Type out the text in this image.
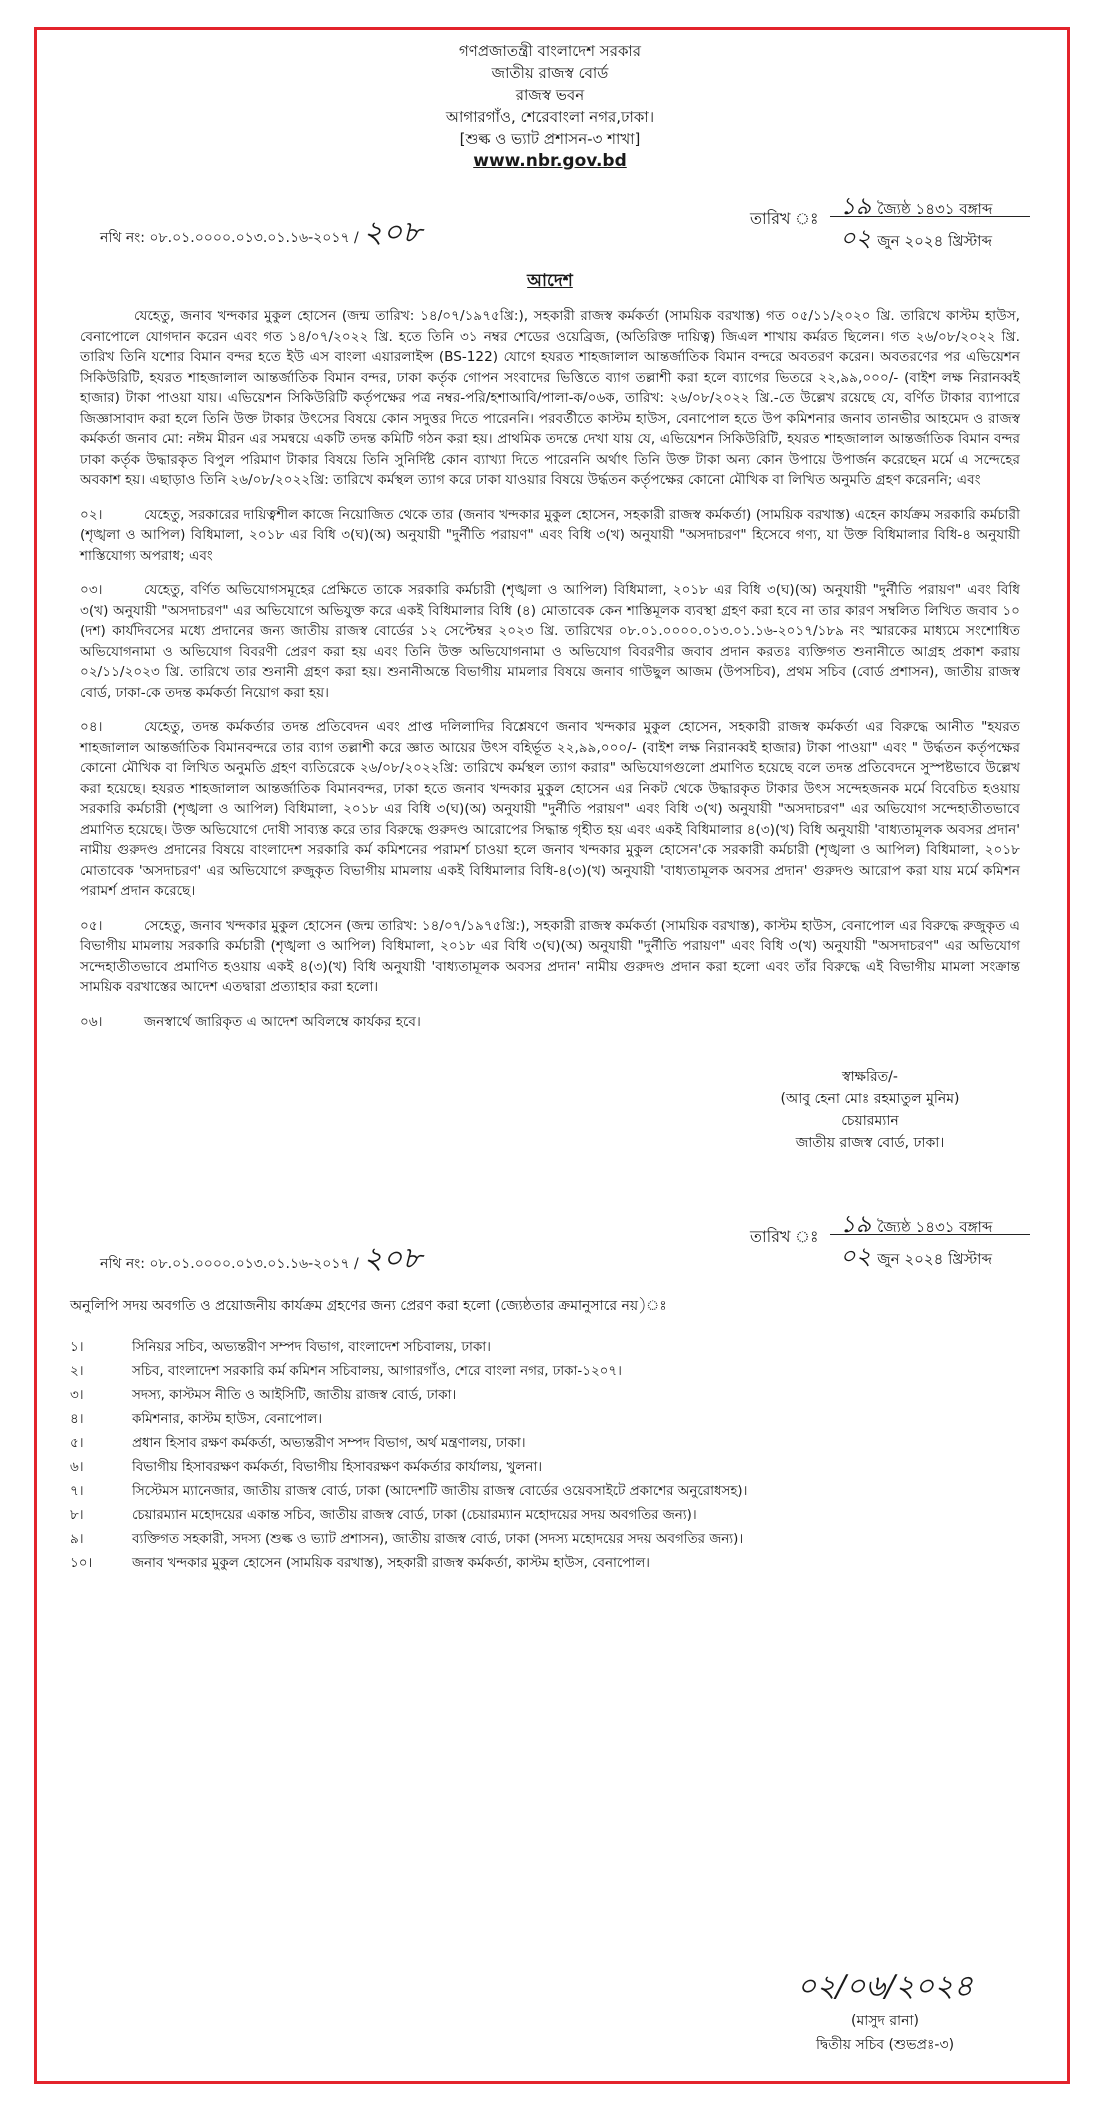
গণপ্রজাতন্ত্রী বাংলাদেশ সরকার
জাতীয় রাজস্ব বোর্ড
রাজস্ব ভবন
আগারগাঁও, শেরেবাংলা নগর,ঢাকা।
[শুল্ক ও ভ্যাট প্রশাসন-৩ শাখা]
www.nbr.gov.bd
নথি নং: ০৮.০১.০০০০.০১৩.০১.১৬-২০১৭ / ২০৮	তারিখ ঃ ১৯ জ্যৈষ্ঠ ১৪৩১ বঙ্গাব্দ
০২ জুন ২০২৪ খ্রিস্টাব্দ
আদেশ

যেহেতু, জনাব খন্দকার মুকুল হোসেন (জন্ম তারিখ: ১৪/০৭/১৯৭৫খ্রি:), সহকারী রাজস্ব কর্মকর্তা (সাময়িক বরখাস্ত) গত ০৫/১১/২০২০ খ্রি. তারিখে কাস্টম হাউস, বেনাপোলে যোগদান করেন এবং গত ১৪/০৭/২০২২ খ্রি. হতে তিনি ৩১ নম্বর শেডের ওয়েব্রিজ, (অতিরিক্ত দায়িত্ব) জিএল শাখায় কর্মরত ছিলেন। গত ২৬/০৮/২০২২ খ্রি. তারিখ তিনি যশোর বিমান বন্দর হতে ইউ এস বাংলা এয়ারলাইন্স (BS-122) যোগে হযরত শাহজালাল আন্তর্জাতিক বিমান বন্দরে অবতরণ করেন। অবতরণের পর এভিয়েশন সিকিউরিটি, হযরত শাহজালাল আন্তর্জাতিক বিমান বন্দর, ঢাকা কর্তৃক গোপন সংবাদের ভিত্তিতে ব্যাগ তল্লাশী করা হলে ব্যাগের ভিতরে ২২,৯৯,০০০/- (বাইশ লক্ষ নিরানব্বই হাজার) টাকা পাওয়া যায়। এভিয়েশন সিকিউরিটি কর্তৃপক্ষের পত্র নম্বর-পরি/হশাআবি/পালা-ক/০৬ক, তারিখ: ২৬/০৮/২০২২ খ্রি.-তে উল্লেখ রয়েছে যে, বর্ণিত টাকার ব্যাপারে জিজ্ঞাসাবাদ করা হলে তিনি উক্ত টাকার উৎসের বিষয়ে কোন সদুত্তর দিতে পারেননি। পরবর্তীতে কাস্টম হাউস, বেনাপোল হতে উপ কমিশনার জনাব তানভীর আহমেদ ও রাজস্ব কর্মকর্তা জনাব মো: নঈম মীরন এর সমন্বয়ে একটি তদন্ত কমিটি গঠন করা হয়। প্রাথমিক তদন্তে দেখা যায় যে, এভিয়েশন সিকিউরিটি, হযরত শাহজালাল আন্তর্জাতিক বিমান বন্দর ঢাকা কর্তৃক উদ্ধারকৃত বিপুল পরিমাণ টাকার বিষয়ে তিনি সুনির্দিষ্ট কোন ব্যাখ্যা দিতে পারেননি অর্থাৎ তিনি উক্ত টাকা অন্য কোন উপায়ে উপার্জন করেছেন মর্মে এ সন্দেহের অবকাশ হয়। এছাড়াও তিনি ২৬/০৮/২০২২খ্রি: তারিখে কর্মস্থল ত্যাগ করে ঢাকা যাওয়ার বিষয়ে উর্দ্ধতন কর্তৃপক্ষের কোনো মৌখিক বা লিখিত অনুমতি গ্রহণ করেননি; এবং

০২।	যেহেতু, সরকারের দায়িত্বশীল কাজে নিয়োজিত থেকে তার (জনাব খন্দকার মুকুল হোসেন, সহকারী রাজস্ব কর্মকর্তা) (সাময়িক বরখাস্ত) এহেন কার্যক্রম সরকারি কর্মচারী (শৃঙ্খলা ও আপিল) বিধিমালা, ২০১৮ এর বিধি ৩(ঘ)(অ) অনুযায়ী "দুর্নীতি পরায়ণ" এবং বিধি ৩(খ) অনুযায়ী "অসদাচরণ" হিসেবে গণ্য, যা উক্ত বিধিমালার বিধি-৪ অনুযায়ী শাস্তিযোগ্য অপরাধ; এবং

০৩।	যেহেতু, বর্ণিত অভিযোগসমূহের প্রেক্ষিতে তাকে সরকারি কর্মচারী (শৃঙ্খলা ও আপিল) বিধিমালা, ২০১৮ এর বিধি ৩(ঘ)(অ) অনুযায়ী "দুর্নীতি পরায়ণ" এবং বিধি ৩(খ) অনুযায়ী "অসদাচরণ" এর অভিযোগে অভিযুক্ত করে একই বিধিমালার বিধি (৪) মোতাবেক কেন শাস্তিমূলক ব্যবস্থা গ্রহণ করা হবে না তার কারণ সম্বলিত লিখিত জবাব ১০ (দশ) কার্যদিবসের মধ্যে প্রদানের জন্য জাতীয় রাজস্ব বোর্ডের ১২ সেপ্টেম্বর ২০২৩ খ্রি. তারিখের ০৮.০১.০০০০.০১৩.০১.১৬-২০১৭/১৮৯ নং স্মারকের মাধ্যমে সংশোধিত অভিযোগনামা ও অভিযোগ বিবরণী প্রেরণ করা হয় এবং তিনি উক্ত অভিযোগনামা ও অভিযোগ বিবরণীর জবাব প্রদান করতঃ ব্যক্তিগত শুনানীতে আগ্রহ প্রকাশ করায় ০২/১১/২০২৩ খ্রি. তারিখে তার শুনানী গ্রহণ করা হয়। শুনানীঅন্তে বিভাগীয় মামলার বিষয়ে জনাব গাউছুল আজম (উপসচিব), প্রথম সচিব (বোর্ড প্রশাসন), জাতীয় রাজস্ব বোর্ড, ঢাকা-কে তদন্ত কর্মকর্তা নিয়োগ করা হয়।

০৪।	যেহেতু, তদন্ত কর্মকর্তার তদন্ত প্রতিবেদন এবং প্রাপ্ত দলিলাদির বিশ্লেষণে জনাব খন্দকার মুকুল হোসেন, সহকারী রাজস্ব কর্মকর্তা এর বিরুদ্ধে আনীত "হযরত শাহজালাল আন্তর্জাতিক বিমানবন্দরে তার ব্যাগ তল্লাশী করে জ্ঞাত আয়ের উৎস বহির্ভূত ২২,৯৯,০০০/- (বাইশ লক্ষ নিরানব্বই হাজার) টাকা পাওয়া" এবং " উর্দ্ধতন কর্তৃপক্ষের কোনো মৌখিক বা লিখিত অনুমতি গ্রহণ ব্যতিরেকে ২৬/০৮/২০২২খ্রি: তারিখে কর্মস্থল ত্যাগ করার" অভিযোগগুলো প্রমাণিত হয়েছে বলে তদন্ত প্রতিবেদনে সুস্পষ্টভাবে উল্লেখ করা হয়েছে। হযরত শাহজালাল আন্তর্জাতিক বিমানবন্দর, ঢাকা হতে জনাব খন্দকার মুকুল হোসেন এর নিকট থেকে উদ্ধারকৃত টাকার উৎস সন্দেহজনক মর্মে বিবেচিত হওয়ায় সরকারি কর্মচারী (শৃঙ্খলা ও আপিল) বিধিমালা, ২০১৮ এর বিধি ৩(ঘ)(অ) অনুযায়ী "দুর্নীতি পরায়ণ" এবং বিধি ৩(খ) অনুযায়ী "অসদাচরণ" এর অভিযোগ সন্দেহাতীতভাবে প্রমাণিত হয়েছে। উক্ত অভিযোগে দোষী সাব্যস্ত করে তার বিরুদ্ধে গুরুদণ্ড আরোপের সিদ্ধান্ত গৃহীত হয় এবং একই বিধিমালার ৪(৩)(খ) বিধি অনুযায়ী 'বাধ্যতামূলক অবসর প্রদান' নামীয় গুরুদণ্ড প্রদানের বিষয়ে বাংলাদেশ সরকারি কর্ম কমিশনের পরামর্শ চাওয়া হলে জনাব খন্দকার মুকুল হোসেন'কে সরকারী কর্মচারী (শৃঙ্খলা ও আপিল) বিধিমালা, ২০১৮ মোতাবেক 'অসদাচরণ' এর অভিযোগে রুজুকৃত বিভাগীয় মামলায় একই বিধিমালার বিধি-৪(৩)(খ) অনুযায়ী 'বাধ্যতামূলক অবসর প্রদান' গুরুদণ্ড আরোপ করা যায় মর্মে কমিশন পরামর্শ প্রদান করেছে।

০৫।	সেহেতু, জনাব খন্দকার মুকুল হোসেন (জন্ম তারিখ: ১৪/০৭/১৯৭৫খ্রি:), সহকারী রাজস্ব কর্মকর্তা (সাময়িক বরখাস্ত), কাস্টম হাউস, বেনাপোল এর বিরুদ্ধে রুজুকৃত এ বিভাগীয় মামলায় সরকারি কর্মচারী (শৃঙ্খলা ও আপিল) বিধিমালা, ২০১৮ এর বিধি ৩(ঘ)(অ) অনুযায়ী "দুর্নীতি পরায়ণ" এবং বিধি ৩(খ) অনুযায়ী "অসদাচরণ" এর অভিযোগ সন্দেহাতীতভাবে প্রমাণিত হওয়ায় একই ৪(৩)(খ) বিধি অনুযায়ী 'বাধ্যতামূলক অবসর প্রদান' নামীয় গুরুদণ্ড প্রদান করা হলো এবং তাঁর বিরুদ্ধে এই বিভাগীয় মামলা সংক্রান্ত সাময়িক বরখাস্তের আদেশ এতদ্বারা প্রত্যাহার করা হলো।

০৬।	জনস্বার্থে জারিকৃত এ আদেশ অবিলম্বে কার্যকর হবে।

স্বাক্ষরিত/-
(আবু হেনা মোঃ রহমাতুল মুনিম)
চেয়ারম্যান
জাতীয় রাজস্ব বোর্ড, ঢাকা।
নথি নং: ০৮.০১.০০০০.০১৩.০১.১৬-২০১৭ / ২০৮
তারিখ ঃ ১৯ জ্যৈষ্ঠ ১৪৩১ বঙ্গাব্দ
০২ জুন ২০২৪ খ্রিস্টাব্দ
অনুলিপি সদয় অবগতি ও প্রয়োজনীয় কার্যক্রম গ্রহণের জন্য প্রেরণ করা হলো (জ্যেষ্ঠতার ক্রমানুসারে নয়)ঃ
১।	সিনিয়র সচিব, অভ্যন্তরীণ সম্পদ বিভাগ, বাংলাদেশ সচিবালয়, ঢাকা।
২।	সচিব, বাংলাদেশ সরকারি কর্ম কমিশন সচিবালয়, আগারগাঁও, শেরে বাংলা নগর, ঢাকা-১২০৭।
৩।	সদস্য, কাস্টমস নীতি ও আইসিটি, জাতীয় রাজস্ব বোর্ড, ঢাকা।
৪।	কমিশনার, কাস্টম হাউস, বেনাপোল।
৫।	প্রধান হিসাব রক্ষণ কর্মকর্তা, অভ্যন্তরীণ সম্পদ বিভাগ, অর্থ মন্ত্রণালয়, ঢাকা।
৬।	বিভাগীয় হিসাবরক্ষণ কর্মকর্তা, বিভাগীয় হিসাবরক্ষণ কর্মকর্তার কার্যালয়, খুলনা।
৭।	সিস্টেমস ম্যানেজার, জাতীয় রাজস্ব বোর্ড, ঢাকা (আদেশটি জাতীয় রাজস্ব বোর্ডের ওয়েবসাইটে প্রকাশের অনুরোধসহ)।
৮।	চেয়ারম্যান মহোদয়ের একান্ত সচিব, জাতীয় রাজস্ব বোর্ড, ঢাকা (চেয়ারম্যান মহোদয়ের সদয় অবগতির জন্য)।
৯।	ব্যক্তিগত সহকারী, সদস্য (শুল্ক ও ভ্যাট প্রশাসন), জাতীয় রাজস্ব বোর্ড, ঢাকা (সদস্য মহোদয়ের সদয় অবগতির জন্য)।
১০।	জনাব খন্দকার মুকুল হোসেন (সাময়িক বরখাস্ত), সহকারী রাজস্ব কর্মকর্তা, কাস্টম হাউস, বেনাপোল।
০২/০৬/২০২৪
(মাসুদ রানা)
দ্বিতীয় সচিব (শুভপ্রঃ-৩)
